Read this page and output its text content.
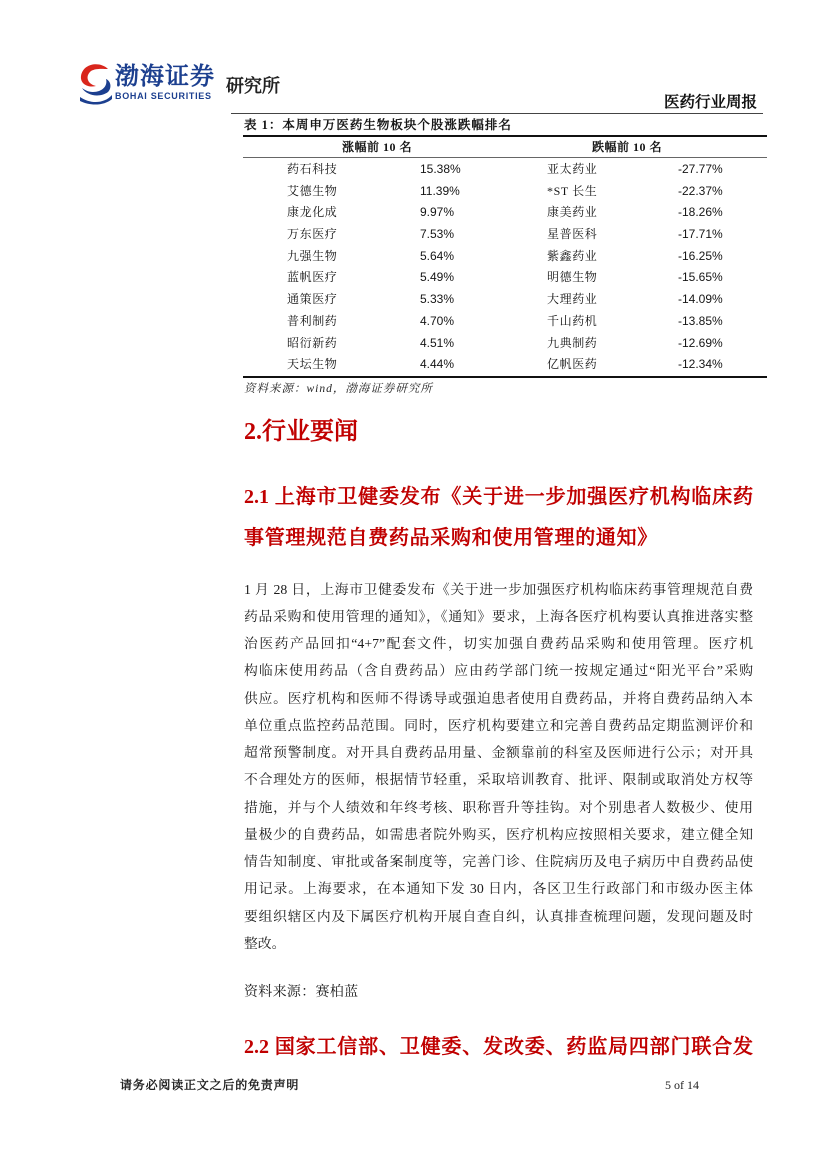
渤海证券
BOHAI SECURITIES 研究所
医药行业周报
表 1：本周申万医药生物板块个股涨跌幅排名
涨幅前 10 名	跌幅前 10 名
药石科技	15.38%	亚太药业	-27.77%
艾德生物	11.39%	*ST 长生	-22.37%
康龙化成	9.97%	康美药业	-18.26%
万东医疗	7.53%	星普医科	-17.71%
九强生物	5.64%	紫鑫药业	-16.25%
蓝帆医疗	5.49%	明德生物	-15.65%
通策医疗	5.33%	大理药业	-14.09%
普利制药	4.70%	千山药机	-13.85%
昭衍新药	4.51%	九典制药	-12.69%
天坛生物	4.44%	亿帆医药	-12.34%
资料来源：wind，渤海证券研究所
2.行业要闻
2.1 上海市卫健委发布《关于进一步加强医疗机构临床药
事管理规范自费药品采购和使用管理的通知》
1 月 28 日，上海市卫健委发布《关于进一步加强医疗机构临床药事管理规范自费
药品采购和使用管理的通知》，《通知》要求，上海各医疗机构要认真推进落实整
治医药产品回扣“4+7”配套文件，切实加强自费药品采购和使用管理。医疗机
构临床使用药品（含自费药品）应由药学部门统一按规定通过“阳光平台”采购
供应。医疗机构和医师不得诱导或强迫患者使用自费药品，并将自费药品纳入本
单位重点监控药品范围。同时，医疗机构要建立和完善自费药品定期监测评价和
超常预警制度。对开具自费药品用量、金额靠前的科室及医师进行公示；对开具
不合理处方的医师，根据情节轻重，采取培训教育、批评、限制或取消处方权等
措施，并与个人绩效和年终考核、职称晋升等挂钩。对个别患者人数极少、使用
量极少的自费药品，如需患者院外购买，医疗机构应按照相关要求，建立健全知
情告知制度、审批或备案制度等，完善门诊、住院病历及电子病历中自费药品使
用记录。上海要求，在本通知下发 30 日内，各区卫生行政部门和市级办医主体
要组织辖区内及下属医疗机构开展自查自纠，认真排查梳理问题，发现问题及时
整改。
资料来源：赛柏蓝
2.2 国家工信部、卫健委、发改委、药监局四部门联合发
请务必阅读正文之后的免责声明	5 of 14
